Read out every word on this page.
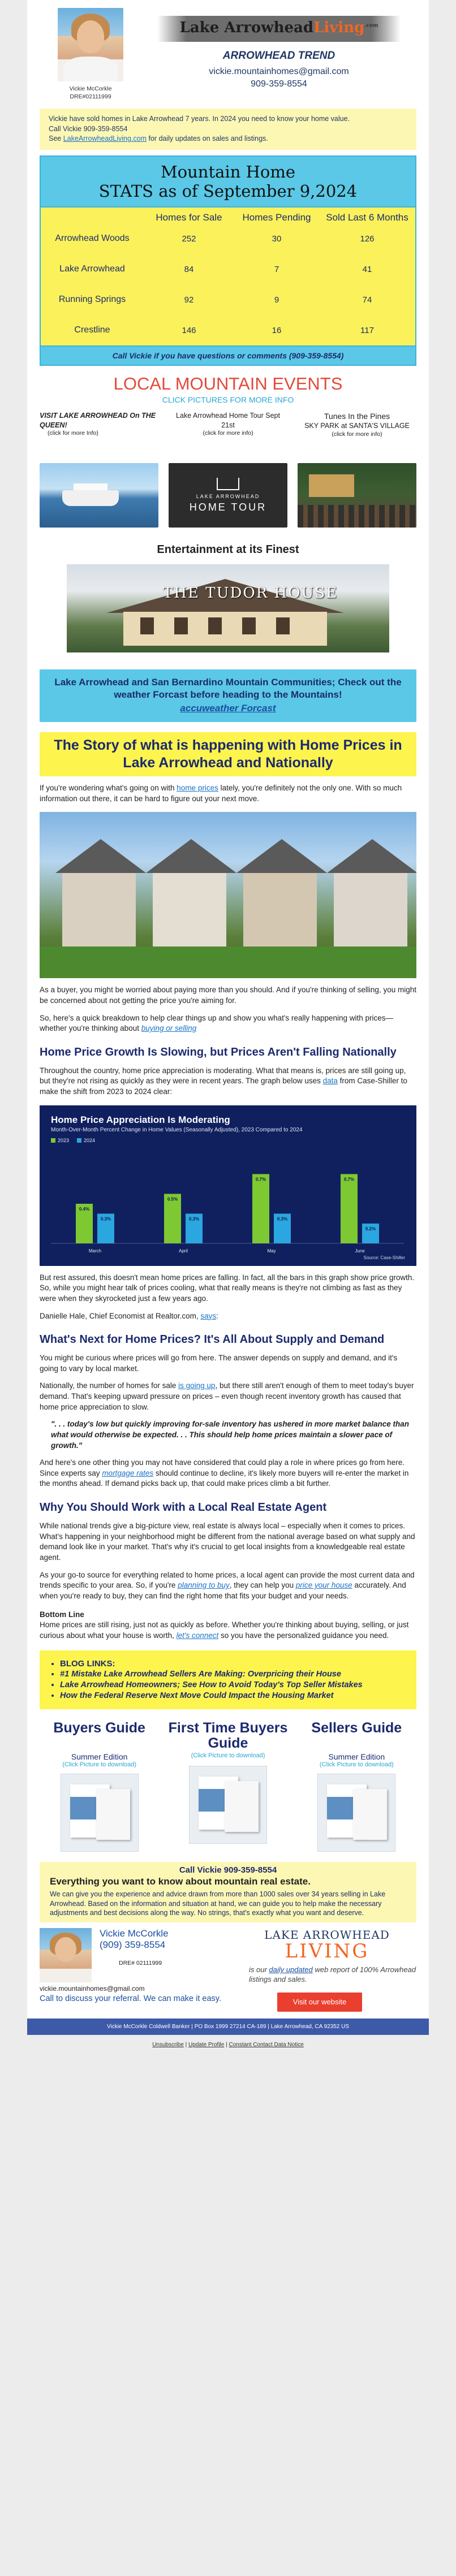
Vickie McCorkle
DRE#02111999
Lake ArrowheadLiving$^{.com}$
ARROWHEAD TREND
vickie.mountainhomes@gmail.com
909-359-8554
Vickie have sold homes in Lake Arrowhead 7 years. In 2024 you need to know your home value.
Call Vickie 909-359-8554
See LakeArrowheadLiving.com for daily updates on sales and listings.
Mountain Home
STATS as of September 9,2024
	Homes for Sale	Homes Pending	Sold Last 6 Months
Arrowhead Woods	252	30	126
Lake Arrowhead	84	7	41
Running Springs	92	9	74
Crestline	146	16	117
Call Vickie if you have questions or comments (909-359-8554)
LOCAL MOUNTAIN EVENTS
CLICK PICTURES FOR MORE INFO
VISIT LAKE ARROWHEAD On THE QUEEN!
(click for more Info)
Lake Arrowhead Home Tour Sept 21st
(click for more info)
LAKE ARROWHEAD
HOME TOUR
Tunes In the Pines
SKY PARK at SANTA'S VILLAGE
(click for more info)
Entertainment at its Finest
THE TUDOR HOUSE
Lake Arrowhead and San Bernardino Mountain Communities; Check out the weather Forcast before heading to the Mountains!
accuweather Forcast
The Story of what is happening with Home Prices in Lake Arrowhead and Nationally

If you're wondering what's going on with home prices lately, you're definitely not the only one. With so much information out there, it can be hard to figure out your next move.

As a buyer, you might be worried about paying more than you should. And if you're thinking of selling, you might be concerned about not getting the price you're aiming for.

So, here's a quick breakdown to help clear things up and show you what's really happening with prices—whether you're thinking about buying or selling

Home Price Growth Is Slowing, but Prices Aren't Falling Nationally

Throughout the country, home price appreciation is moderating. What that means is, prices are still going up, but they're not rising as quickly as they were in recent years. The graph below uses data from Case-Shiller to make the shift from 2023 to 2024 clear:

Home Price Appreciation Is Moderating
Month-Over-Month Percent Change in Home Values (Seasonally Adjusted), 2023 Compared to 2024
2023	2024
0.4%
0.3%
March
0.5%
0.3%
April
0.7%
0.3%
May
0.7%
0.2%
June
Source: Case-Shiller

But rest assured, this doesn't mean home prices are falling. In fact, all the bars in this graph show price growth. So, while you might hear talk of prices cooling, what that really means is they're not climbing as fast as they were when they skyrocketed just a few years ago.

Danielle Hale, Chief Economist at Realtor.com, says:

What's Next for Home Prices? It's All About Supply and Demand

You might be curious where prices will go from here. The answer depends on supply and demand, and it's going to vary by local market.

Nationally, the number of homes for sale is going up, but there still aren't enough of them to meet today's buyer demand. That's keeping upward pressure on prices – even though recent inventory growth has caused that home price appreciation to slow.

". . . today's low but quickly improving for-sale inventory has ushered in more market balance than what would otherwise be expected. . . This should help home prices maintain a slower pace of growth."

And here's one other thing you may not have considered that could play a role in where prices go from here. Since experts say mortgage rates should continue to decline, it's likely more buyers will re-enter the market in the months ahead. If demand picks back up, that could make prices climb a bit further.

Why You Should Work with a Local Real Estate Agent

While national trends give a big-picture view, real estate is always local – especially when it comes to prices. What's happening in your neighborhood might be different from the national average based on what supply and demand look like in your market. That's why it's crucial to get local insights from a knowledgeable real estate agent.

As your go-to source for everything related to home prices, a local agent can provide the most current data and trends specific to your area. So, if you're planning to buy, they can help you price your house accurately. And when you're ready to buy, they can find the right home that fits your budget and your needs.

Bottom Line

Home prices are still rising, just not as quickly as before. Whether you're thinking about buying, selling, or just curious about what your house is worth, let's connect so you have the personalized guidance you need.

• BLOG LINKS:
• #1 Mistake Lake Arrowhead Sellers Are Making: Overpricing their House
• Lake Arrowhead Homeowners; See How to Avoid Today's Top Seller Mistakes
• How the Federal Reserve Next Move Could Impact the Housing Market
Buyers Guide
Summer Edition
(Click Picture to download)
First Time Buyers Guide
(Click Picture to download)
Sellers Guide
Summer Edition
(Click Picture to download)
Call Vickie 909-359-8554
Everything you want to know about mountain real estate.
We can give you the experience and advice drawn from more than 1000 sales over 34 years selling in Lake Arrowhead. Based on the information and situation at hand, we can guide you to help make the necessary adjustments and best decisions along the way. No strings, that's exactly what you want and deserve.
Vickie McCorkle
(909) 359-8554
DRE# 02111999
vickie.mountainhomes@gmail.com
Call to discuss your referral. We can make it easy.
LAKE ARROWHEAD
LIVING
is our daily updated web report of 100% Arrowhead listings and sales.
Visit our website
Vickie McCorkle Coldwell Banker | PO Box 1999 27214 CA-189 | Lake Arrowhead, CA 92352 US
Unsubscribe | Update Profile | Constant Contact Data Notice
